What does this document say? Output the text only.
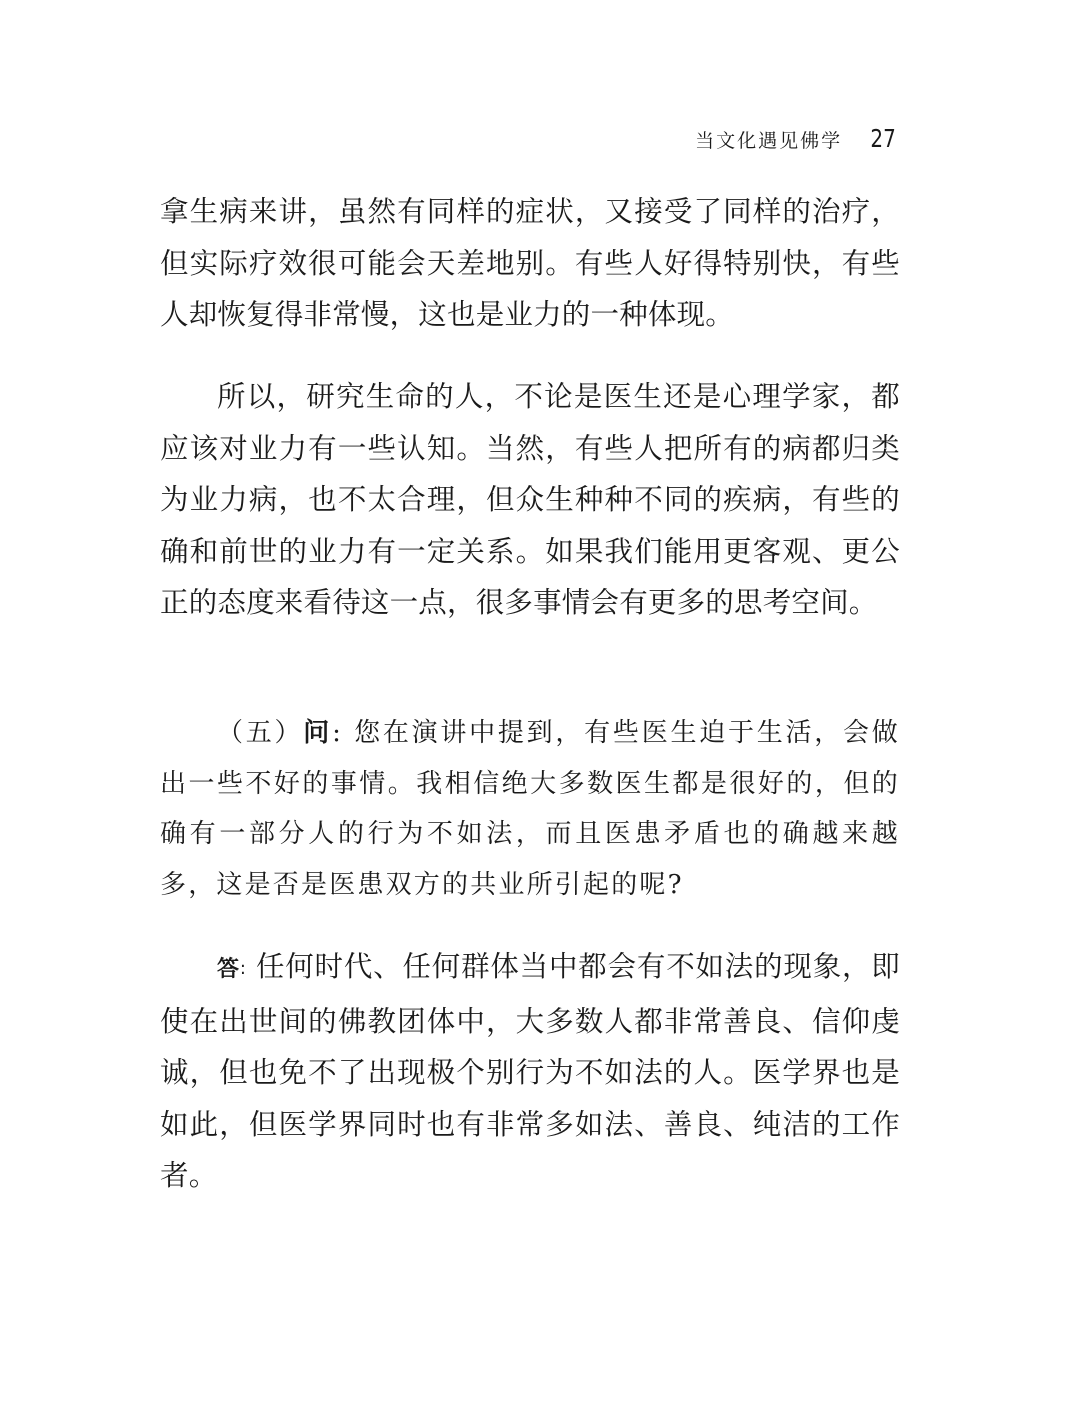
当文化遇见佛学 27

拿生病来讲，虽然有同样的症状，又接受了同样的治疗，但实际疗效很可能会天差地别。有些人好得特别快，有些人却恢复得非常慢，这也是业力的一种体现。

所以，研究生命的人，不论是医生还是心理学家，都应该对业力有一些认知。当然，有些人把所有的病都归类为业力病，也不太合理，但众生种种不同的疾病，有些的确和前世的业力有一定关系。如果我们能用更客观、更公正的态度来看待这一点，很多事情会有更多的思考空间。

（五）问: 您在演讲中提到，有些医生迫于生活，会做出一些不好的事情。我相信绝大多数医生都是很好的，但的确有一部分人的行为不如法，而且医患矛盾也的确越来越多，这是否是医患双方的共业所引起的呢?

答: 任何时代、任何群体当中都会有不如法的现象，即使在出世间的佛教团体中，大多数人都非常善良、信仰虔诚，但也免不了出现极个别行为不如法的人。医学界也是如此，但医学界同时也有非常多如法、善良、纯洁的工作者。
